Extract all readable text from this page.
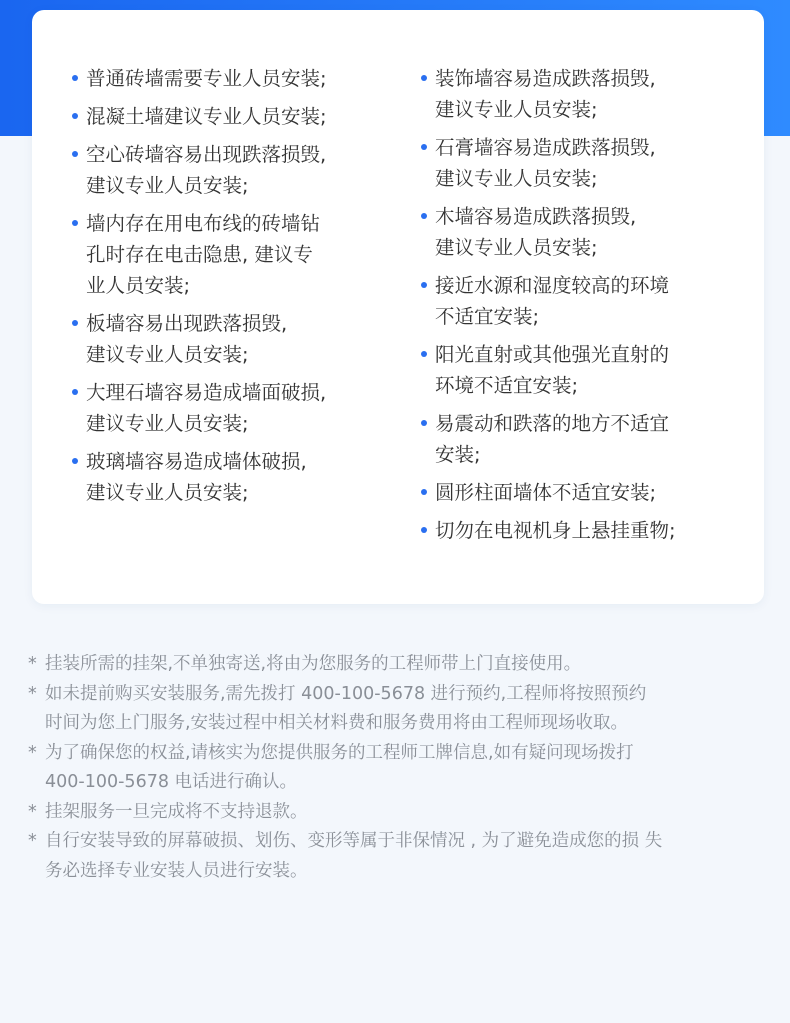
普通砖墙需要专业人员安装;
混凝土墙建议专业人员安装;
空心砖墙容易出现跌落损毁,
建议专业人员安装;
墙内存在用电布线的砖墙钻
孔时存在电击隐患, 建议专
业人员安装;
板墙容易出现跌落损毁,
建议专业人员安装;
大理石墙容易造成墙面破损,
建议专业人员安装;
玻璃墙容易造成墙体破损,
建议专业人员安装;
装饰墙容易造成跌落损毁,
建议专业人员安装;
石膏墙容易造成跌落损毁,
建议专业人员安装;
木墙容易造成跌落损毁,
建议专业人员安装;
接近水源和湿度较高的环境
不适宜安装;
阳光直射或其他强光直射的
环境不适宜安装;
易震动和跌落的地方不适宜
安装;
圆形柱面墙体不适宜安装;
切勿在电视机身上悬挂重物;
* 挂装所需的挂架,不单独寄送,将由为您服务的工程师带上门直接使用。
* 如未提前购买安装服务,需先拨打 400-100-5678 进行预约,工程师将按照预约
时间为您上门服务,安装过程中相关材料费和服务费用将由工程师现场收取。
* 为了确保您的权益,请核实为您提供服务的工程师工牌信息,如有疑问现场拨打
400-100-5678 电话进行确认。
* 挂架服务一旦完成将不支持退款。
* 自行安装导致的屏幕破损、划伤、变形等属于非保情况 , 为了避免造成您的损 失
务必选择专业安装人员进行安装。
